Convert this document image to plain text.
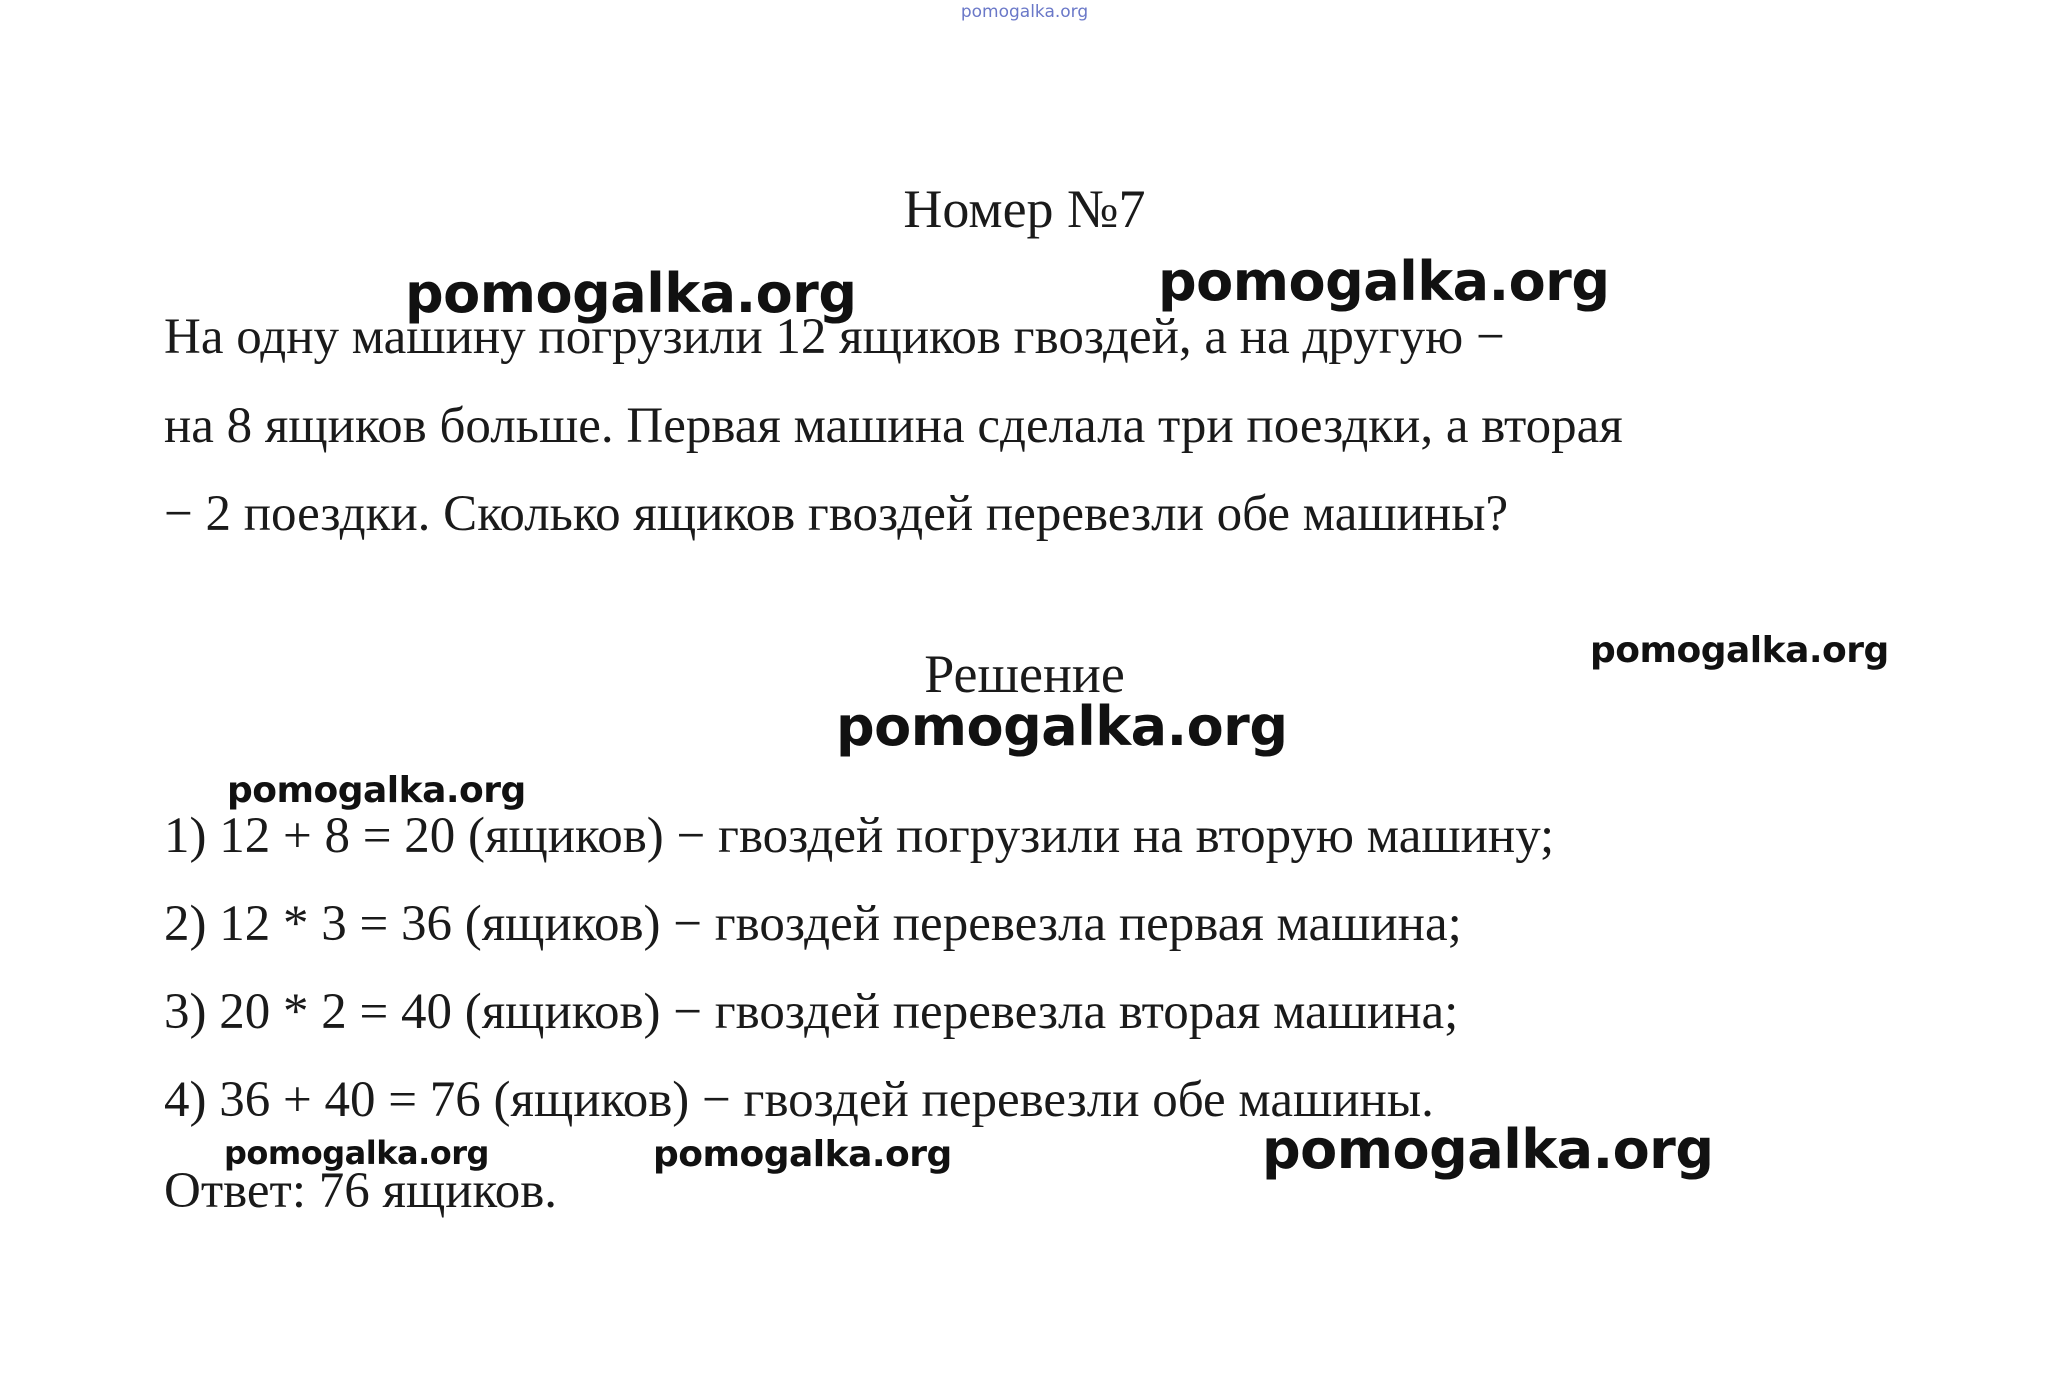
pomogalka.org
Номер №7
На одну машину погрузили 12 ящиков гвоздей, а на другую −
на 8 ящиков больше. Первая машина сделала три поездки, а вторая
− 2 поездки. Сколько ящиков гвоздей перевезли обе машины?
Решение
1) 12 + 8 = 20 (ящиков) − гвоздей погрузили на вторую машину;
2) 12 * 3 = 36 (ящиков) − гвоздей перевезла первая машина;
3) 20 * 2 = 40 (ящиков) − гвоздей перевезла вторая машина;
4) 36 + 40 = 76 (ящиков) − гвоздей перевезли обе машины.
Ответ: 76 ящиков.
pomogalka.org	pomogalka.org
pomogalka.org
pomogalka.org
pomogalka.org
pomogalka.org	pomogalka.org	pomogalka.org
